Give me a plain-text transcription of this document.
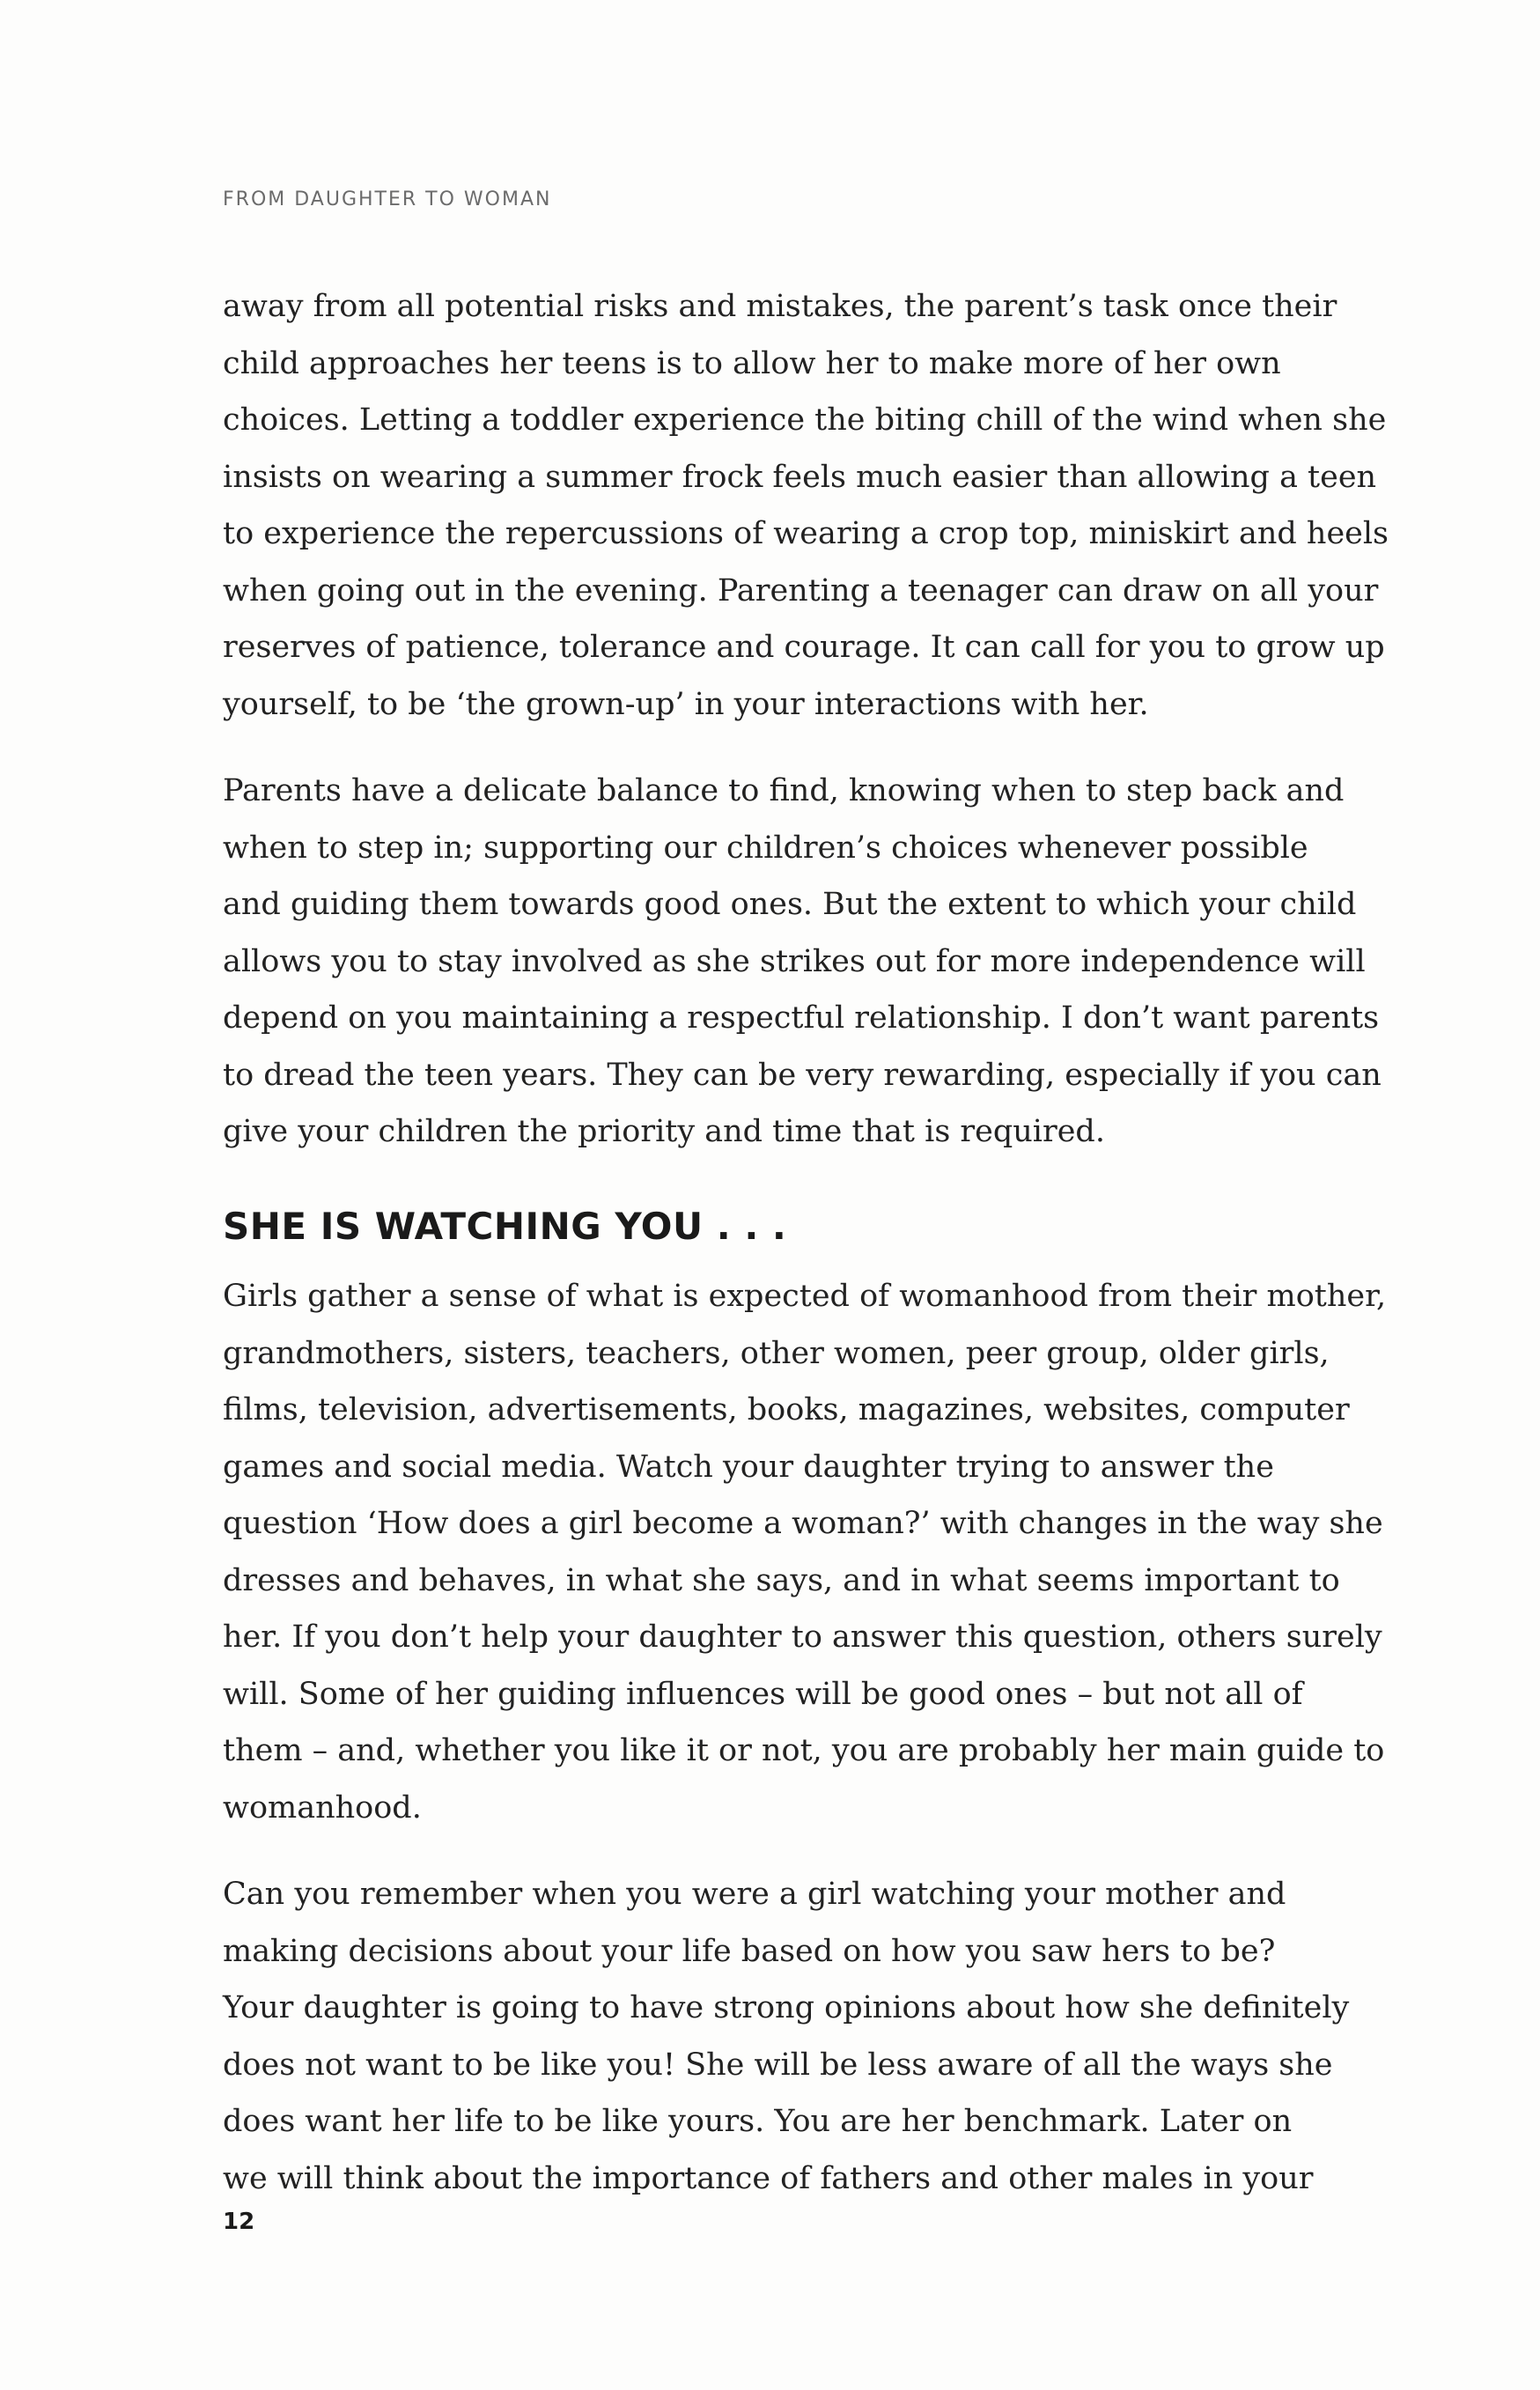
FROM DAUGHTER TO WOMAN

away from all potential risks and mistakes, the parent’s task once their
child approaches her teens is to allow her to make more of her own
choices. Letting a toddler experience the biting chill of the wind when she
insists on wearing a summer frock feels much easier than allowing a teen
to experience the repercussions of wearing a crop top, miniskirt and heels
when going out in the evening. Parenting a teenager can draw on all your
reserves of patience, tolerance and courage. It can call for you to grow up
yourself, to be ‘the grown-up’ in your interactions with her.

Parents have a delicate balance to find, knowing when to step back and
when to step in; supporting our children’s choices whenever possible
and guiding them towards good ones. But the extent to which your child
allows you to stay involved as she strikes out for more independence will
depend on you maintaining a respectful relationship. I don’t want parents
to dread the teen years. They can be very rewarding, especially if you can
give your children the priority and time that is required.

SHE IS WATCHING YOU . . .

Girls gather a sense of what is expected of womanhood from their mother,
grandmothers, sisters, teachers, other women, peer group, older girls,
films, television, advertisements, books, magazines, websites, computer
games and social media. Watch your daughter trying to answer the
question ‘How does a girl become a woman?’ with changes in the way she
dresses and behaves, in what she says, and in what seems important to
her. If you don’t help your daughter to answer this question, others surely
will. Some of her guiding influences will be good ones – but not all of
them – and, whether you like it or not, you are probably her main guide to
womanhood.

Can you remember when you were a girl watching your mother and
making decisions about your life based on how you saw hers to be?
Your daughter is going to have strong opinions about how she definitely
does not want to be like you! She will be less aware of all the ways she
does want her life to be like yours. You are her benchmark. Later on
we will think about the importance of fathers and other males in your

12
